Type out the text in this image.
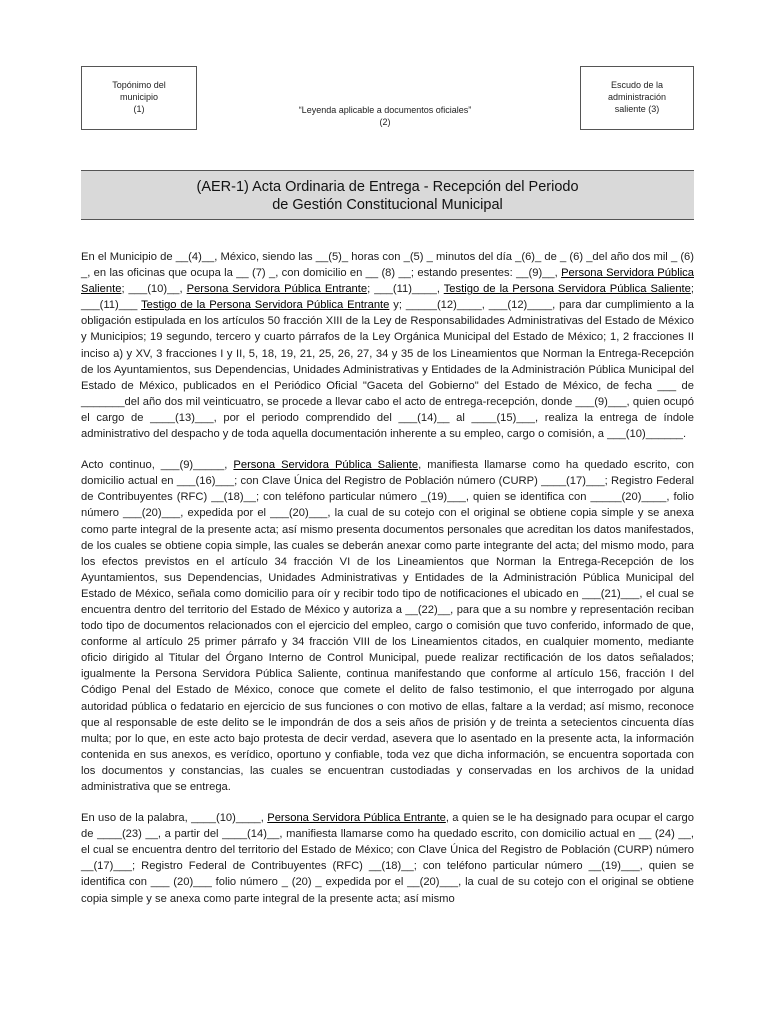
Topónimo del
municipio
(1)	“Leyenda aplicable a documentos oficiales”
(2)
Escudo de la
administración
saliente (3)
(AER-1) Acta Ordinaria de Entrega - Recepción del Periodo
de Gestión Constitucional Municipal

En el Municipio de __(4)__, México, siendo las __(5)_ horas con _(5) _ minutos del día _(6)_ de _ (6) _del año dos mil _ (6) _, en las oficinas que ocupa la __ (7) _, con domicilio en __ (8) __; estando presentes: __(9)__, Persona Servidora Pública Saliente; ___(10)__, Persona Servidora Pública Entrante; ___(11)____, Testigo de la Persona Servidora Pública Saliente; ___(11)___ Testigo de la Persona Servidora Pública Entrante y; _____(12)____, ___(12)____, para dar cumplimiento a la obligación estipulada en los artículos 50 fracción XIII de la Ley de Responsabilidades Administrativas del Estado de México y Municipios; 19 segundo, tercero y cuarto párrafos de la Ley Orgánica Municipal del Estado de México; 1, 2 fracciones II inciso a) y XV, 3 fracciones I y II, 5, 18, 19, 21, 25, 26, 27, 34 y 35 de los Lineamientos que Norman la Entrega-Recepción de los Ayuntamientos, sus Dependencias, Unidades Administrativas y Entidades de la Administración Pública Municipal del Estado de México, publicados en el Periódico Oficial "Gaceta del Gobierno" del Estado de México, de fecha ___ de _______del año dos mil veinticuatro, se procede a llevar cabo el acto de entrega-recepción, donde ___(9)___, quien ocupó el cargo de ____(13)___, por el periodo comprendido del ___(14)__ al ____(15)___, realiza la entrega de índole administrativo del despacho y de toda aquella documentación inherente a su empleo, cargo o comisión, a ___(10)______.

Acto continuo, ___(9)_____, Persona Servidora Pública Saliente, manifiesta llamarse como ha quedado escrito, con domicilio actual en ___(16)___; con Clave Única del Registro de Población número (CURP) ____(17)___; Registro Federal de Contribuyentes (RFC) __(18)__; con teléfono particular número _(19)___, quien se identifica con _____(20)____, folio número ___(20)___, expedida por el ___(20)___, la cual de su cotejo con el original se obtiene copia simple y se anexa como parte integral de la presente acta; así mismo presenta documentos personales que acreditan los datos manifestados, de los cuales se obtiene copia simple, las cuales se deberán anexar como parte integrante del acta; del mismo modo, para los efectos previstos en el artículo 34 fracción VI de los Lineamientos que Norman la Entrega-Recepción de los Ayuntamientos, sus Dependencias, Unidades Administrativas y Entidades de la Administración Pública Municipal del Estado de México, señala como domicilio para oír y recibir todo tipo de notificaciones el ubicado en ___(21)___, el cual se encuentra dentro del territorio del Estado de México y autoriza a __(22)__, para que a su nombre y representación reciban todo tipo de documentos relacionados con el ejercicio del empleo, cargo o comisión que tuvo conferido, informado de que, conforme al artículo 25 primer párrafo y 34 fracción VIII de los Lineamientos citados, en cualquier momento, mediante oficio dirigido al Titular del Órgano Interno de Control Municipal, puede realizar rectificación de los datos señalados; igualmente la Persona Servidora Pública Saliente, continua manifestando que conforme al artículo 156, fracción I del Código Penal del Estado de México, conoce que comete el delito de falso testimonio, el que interrogado por alguna autoridad pública o fedatario en ejercicio de sus funciones o con motivo de ellas, faltare a la verdad; así mismo, reconoce que al responsable de este delito se le impondrán de dos a seis años de prisión y de treinta a setecientos cincuenta días multa; por lo que, en este acto bajo protesta de decir verdad, asevera que lo asentado en la presente acta, la información contenida en sus anexos, es verídico, oportuno y confiable, toda vez que dicha información, se encuentra soportada con los documentos y constancias, las cuales se encuentran custodiadas y conservadas en los archivos de la unidad administrativa que se entrega.

En uso de la palabra, ____(10)____, Persona Servidora Pública Entrante, a quien se le ha designado para ocupar el cargo de ____(23) __, a partir del ____(14)__, manifiesta llamarse como ha quedado escrito, con domicilio actual en __ (24) __, el cual se encuentra dentro del territorio del Estado de México; con Clave Única del Registro de Población (CURP) número __(17)___; Registro Federal de Contribuyentes (RFC) __(18)__; con teléfono particular número __(19)___, quien se identifica con ___ (20)___ folio número _ (20) _ expedida por el __(20)___, la cual de su cotejo con el original se obtiene copia simple y se anexa como parte integral de la presente acta; así mismo
